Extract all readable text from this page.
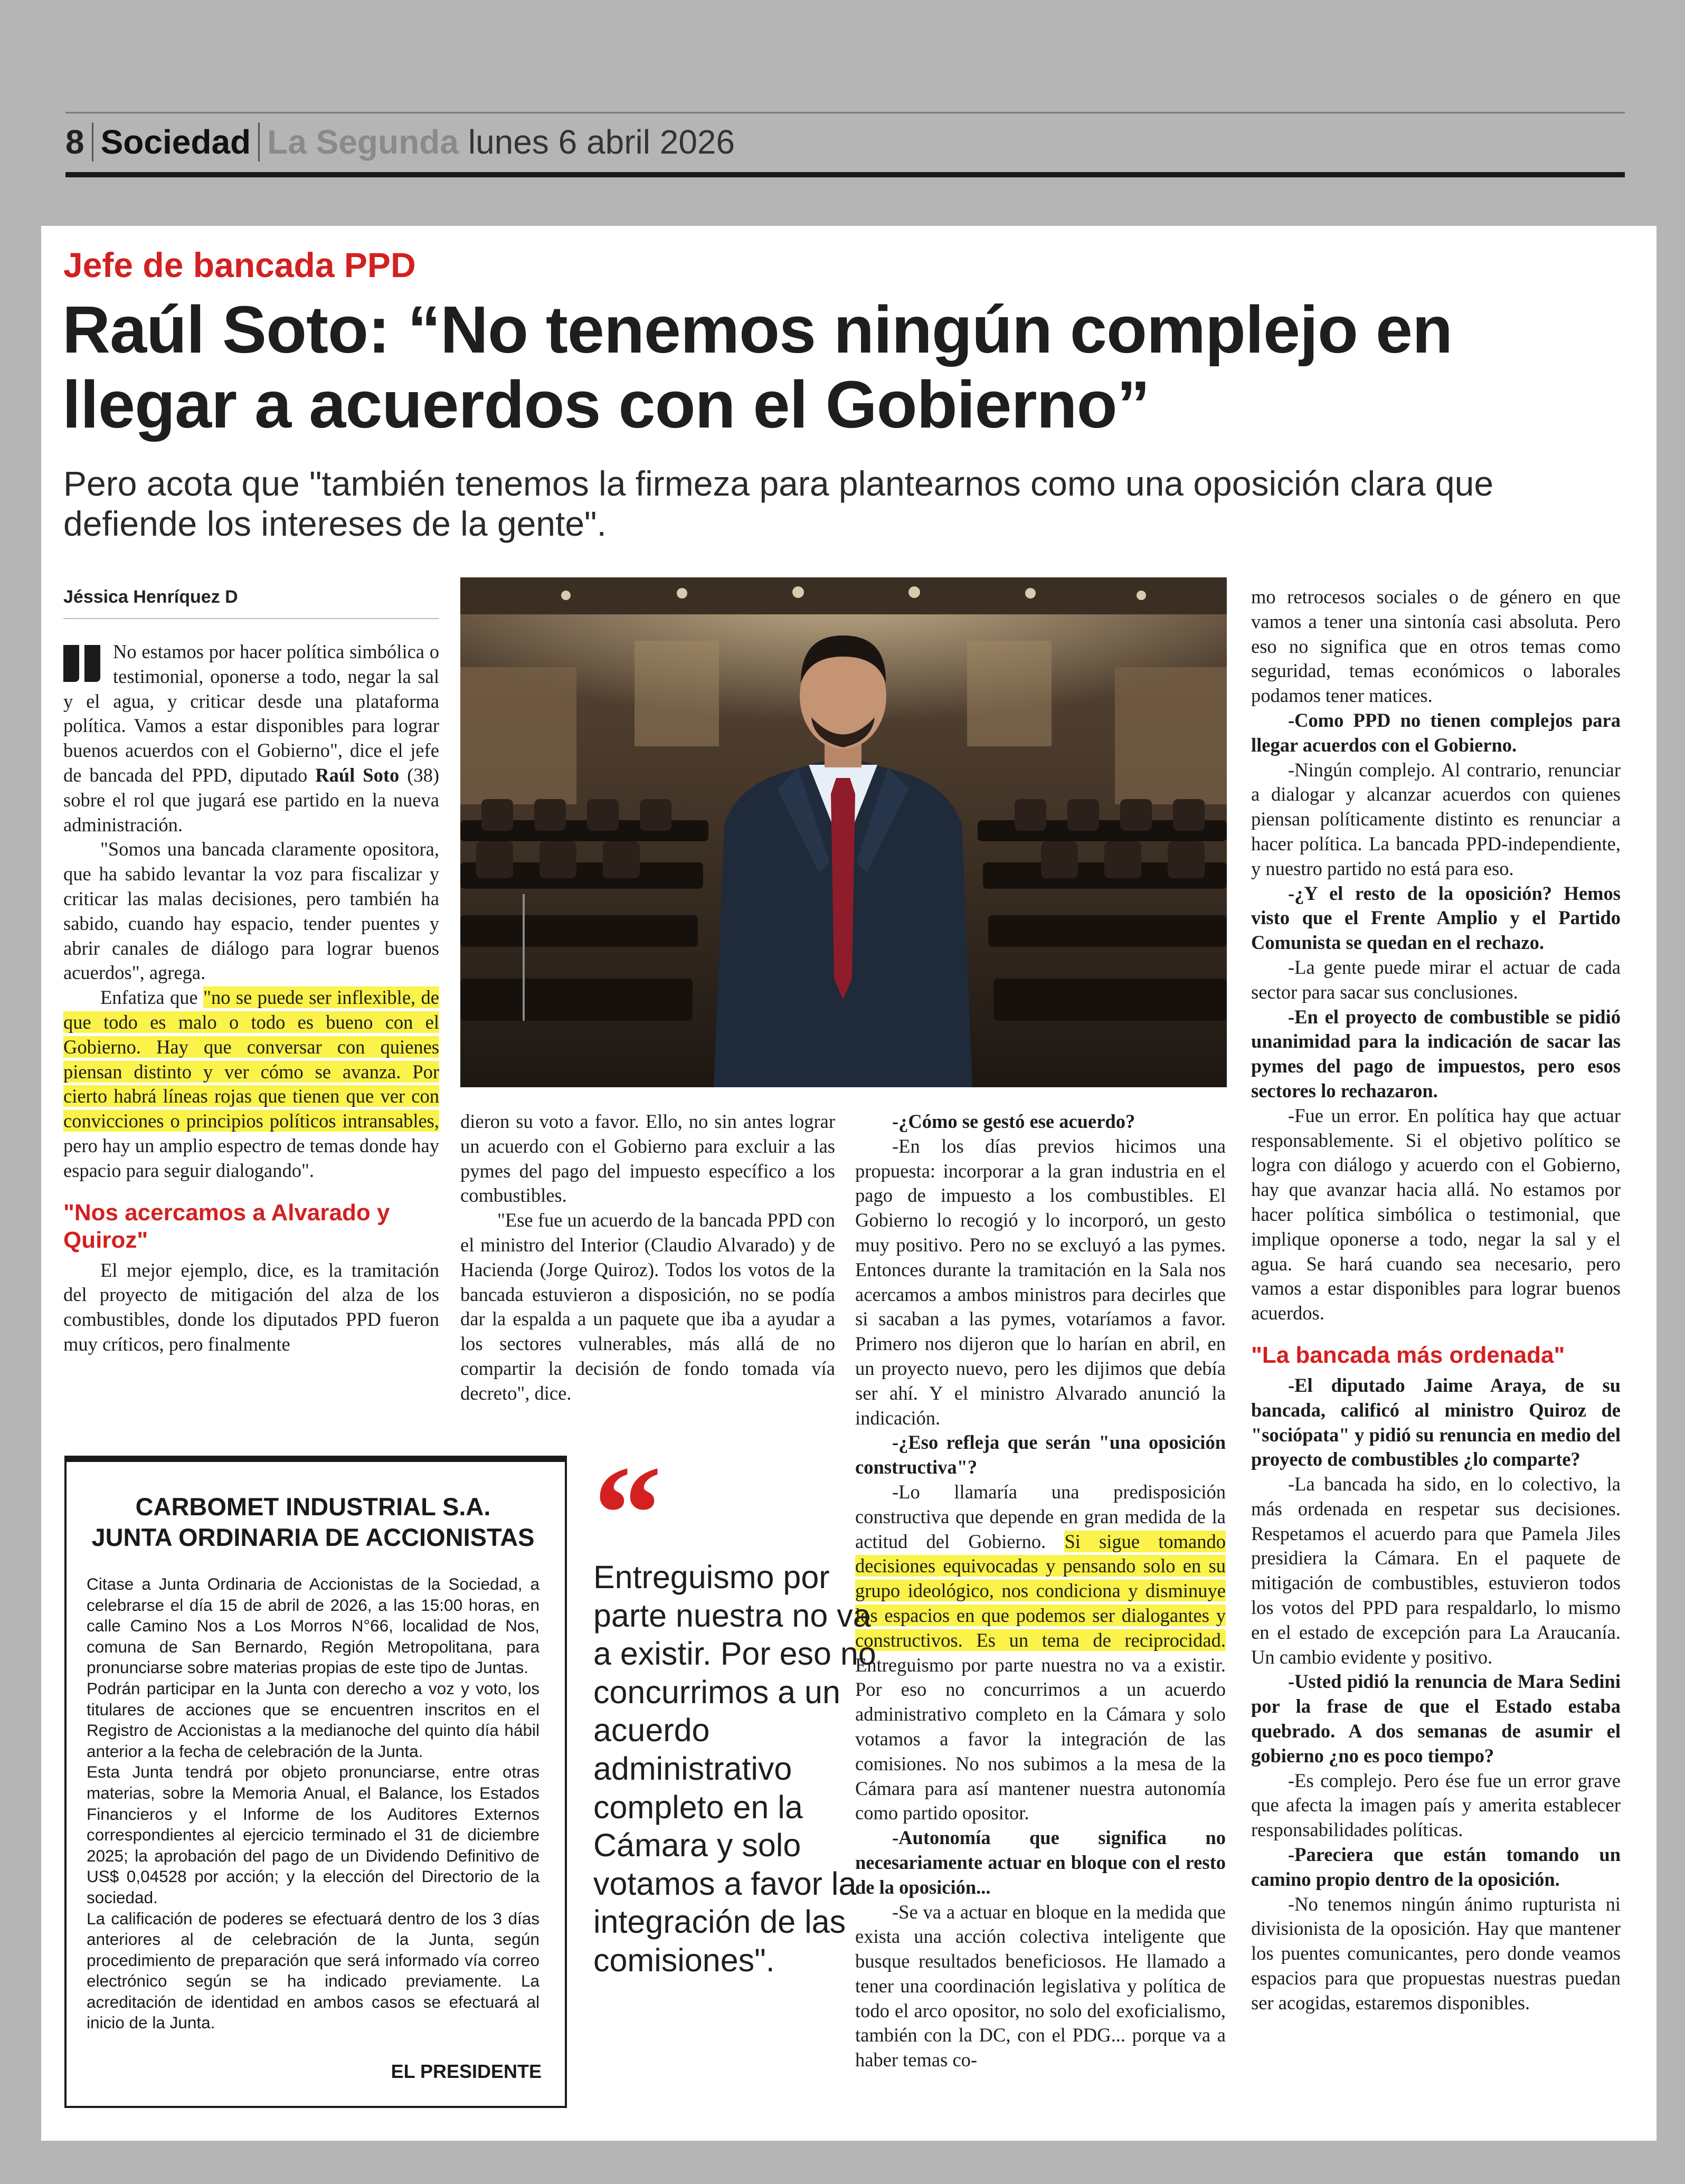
8 Sociedad La Segunda lunes 6 abril 2026
Jefe de bancada PPD
Raúl Soto: “No tenemos ningún complejo en llegar a acuerdos con el Gobierno”
Pero acota que "también tenemos la firmeza para plantearnos como una oposición clara que defiende los intereses de la gente".
Jéssica Henríquez D

No estamos por hacer política simbólica o testimonial, oponerse a todo, negar la sal y el agua, y criticar desde una plataforma política. Vamos a estar disponibles para lograr buenos acuerdos con el Gobierno", dice el jefe de bancada del PPD, diputado Raúl Soto (38) sobre el rol que jugará ese partido en la nueva administración.

"Somos una bancada claramente opositora, que ha sabido levantar la voz para fiscalizar y criticar las malas decisiones, pero también ha sabido, cuando hay espacio, tender puentes y abrir canales de diálogo para lograr buenos acuerdos", agrega.

Enfatiza que "no se puede ser inflexible, de que todo es malo o todo es bueno con el Gobierno. Hay que conversar con quienes piensan distinto y ver cómo se avanza. Por cierto habrá líneas rojas que tienen que ver con convicciones o principios políticos intransables, pero hay un amplio espectro de temas donde hay espacio para seguir dialogando".

"Nos acercamos a Alvarado y Quiroz"

El mejor ejemplo, dice, es la tramitación del proyecto de mitigación del alza de los combustibles, donde los diputados PPD fueron muy críticos, pero finalmente

dieron su voto a favor. Ello, no sin antes lograr un acuerdo con el Gobierno para excluir a las pymes del pago del impuesto específico a los combustibles.

"Ese fue un acuerdo de la bancada PPD con el ministro del Interior (Claudio Alvarado) y de Hacienda (Jorge Quiroz). Todos los votos de la bancada estuvieron a disposición, no se podía dar la espalda a un paquete que iba a ayudar a los sectores vulnerables, más allá de no compartir la decisión de fondo tomada vía decreto", dice.

-¿Cómo se gestó ese acuerdo?

-En los días previos hicimos una propuesta: incorporar a la gran industria en el pago de impuesto a los combustibles. El Gobierno lo recogió y lo incorporó, un gesto muy positivo. Pero no se excluyó a las pymes. Entonces durante la tramitación en la Sala nos acercamos a ambos ministros para decirles que si sacaban a las pymes, votaríamos a favor. Primero nos dijeron que lo harían en abril, en un proyecto nuevo, pero les dijimos que debía ser ahí. Y el ministro Alvarado anunció la indicación.

-¿Eso refleja que serán "una oposición constructiva"?

-Lo llamaría una predisposición constructiva que depende en gran medida de la actitud del Gobierno. Si sigue tomando decisiones equivocadas y pensando solo en su grupo ideológico, nos condiciona y disminuye los espacios en que podemos ser dialogantes y constructivos. Es un tema de reciprocidad. Entreguismo por parte nuestra no va a existir. Por eso no concurrimos a un acuerdo administrativo completo en la Cámara y solo votamos a favor la integración de las comisiones. No nos subimos a la mesa de la Cámara para así mantener nuestra autonomía como partido opositor.

-Autonomía que significa no necesariamente actuar en bloque con el resto de la oposición...

-Se va a actuar en bloque en la medida que exista una acción colectiva inteligente que busque resultados beneficiosos. He llamado a tener una coordinación legislativa y política de todo el arco opositor, no solo del exoficialismo, también con la DC, con el PDG... porque va a haber temas co-

mo retrocesos sociales o de género en que vamos a tener una sintonía casi absoluta. Pero eso no significa que en otros temas como seguridad, temas económicos o laborales podamos tener matices.

-Como PPD no tienen complejos para llegar acuerdos con el Gobierno.

-Ningún complejo. Al contrario, renunciar a dialogar y alcanzar acuerdos con quienes piensan políticamente distinto es renunciar a hacer política. La bancada PPD-independiente, y nuestro partido no está para eso.

-¿Y el resto de la oposición? Hemos visto que el Frente Amplio y el Partido Comunista se quedan en el rechazo.

-La gente puede mirar el actuar de cada sector para sacar sus conclusiones.

-En el proyecto de combustible se pidió unanimidad para la indicación de sacar las pymes del pago de impuestos, pero esos sectores lo rechazaron.

-Fue un error. En política hay que actuar responsablemente. Si el objetivo político se logra con diálogo y acuerdo con el Gobierno, hay que avanzar hacia allá. No estamos por hacer política simbólica o testimonial, que implique oponerse a todo, negar la sal y el agua. Se hará cuando sea necesario, pero vamos a estar disponibles para lograr buenos acuerdos.

"La bancada más ordenada"

-El diputado Jaime Araya, de su bancada, calificó al ministro Quiroz de "sociópata" y pidió su renuncia en medio del proyecto de combustibles ¿lo comparte?

-La bancada ha sido, en lo colectivo, la más ordenada en respetar sus decisiones. Respetamos el acuerdo para que Pamela Jiles presidiera la Cámara. En el paquete de mitigación de combustibles, estuvieron todos los votos del PPD para respaldarlo, lo mismo en el estado de excepción para La Araucanía. Un cambio evidente y positivo.

-Usted pidió la renuncia de Mara Sedini por la frase de que el Estado estaba quebrado. A dos semanas de asumir el gobierno ¿no es poco tiempo?

-Es complejo. Pero ése fue un error grave que afecta la imagen país y amerita establecer responsabilidades políticas.

-Pareciera que están tomando un camino propio dentro de la oposición.

-No tenemos ningún ánimo rupturista ni divisionista de la oposición. Hay que mantener los puentes comunicantes, pero donde veamos espacios para que propuestas nuestras puedan ser acogidas, estaremos disponibles.

CARBOMET INDUSTRIAL S.A.
JUNTA ORDINARIA DE ACCIONISTAS

Citase a Junta Ordinaria de Accionistas de la Sociedad, a celebrarse el día 15 de abril de 2026, a las 15:00 horas, en calle Camino Nos a Los Morros N°66, localidad de Nos, comuna de San Bernardo, Región Metropolitana, para pronunciarse sobre materias propias de este tipo de Juntas.

Podrán participar en la Junta con derecho a voz y voto, los titulares de acciones que se encuentren inscritos en el Registro de Accionistas a la medianoche del quinto día hábil anterior a la fecha de celebración de la Junta.

Esta Junta tendrá por objeto pronunciarse, entre otras materias, sobre la Memoria Anual, el Balance, los Estados Financieros y el Informe de los Auditores Externos correspondientes al ejercicio terminado el 31 de diciembre 2025; la aprobación del pago de un Dividendo Definitivo de US$ 0,04528 por acción; y la elección del Directorio de la sociedad.

La calificación de poderes se efectuará dentro de los 3 días anteriores al de celebración de la Junta, según procedimiento de preparación que será informado vía correo electrónico según se ha indicado previamente. La acreditación de identidad en ambos casos se efectuará al inicio de la Junta.

EL PRESIDENTE
“
Entreguismo por parte nuestra no va a existir. Por eso no concurrimos a un acuerdo administrativo completo en la Cámara y solo votamos a favor la integración de las comisiones".
